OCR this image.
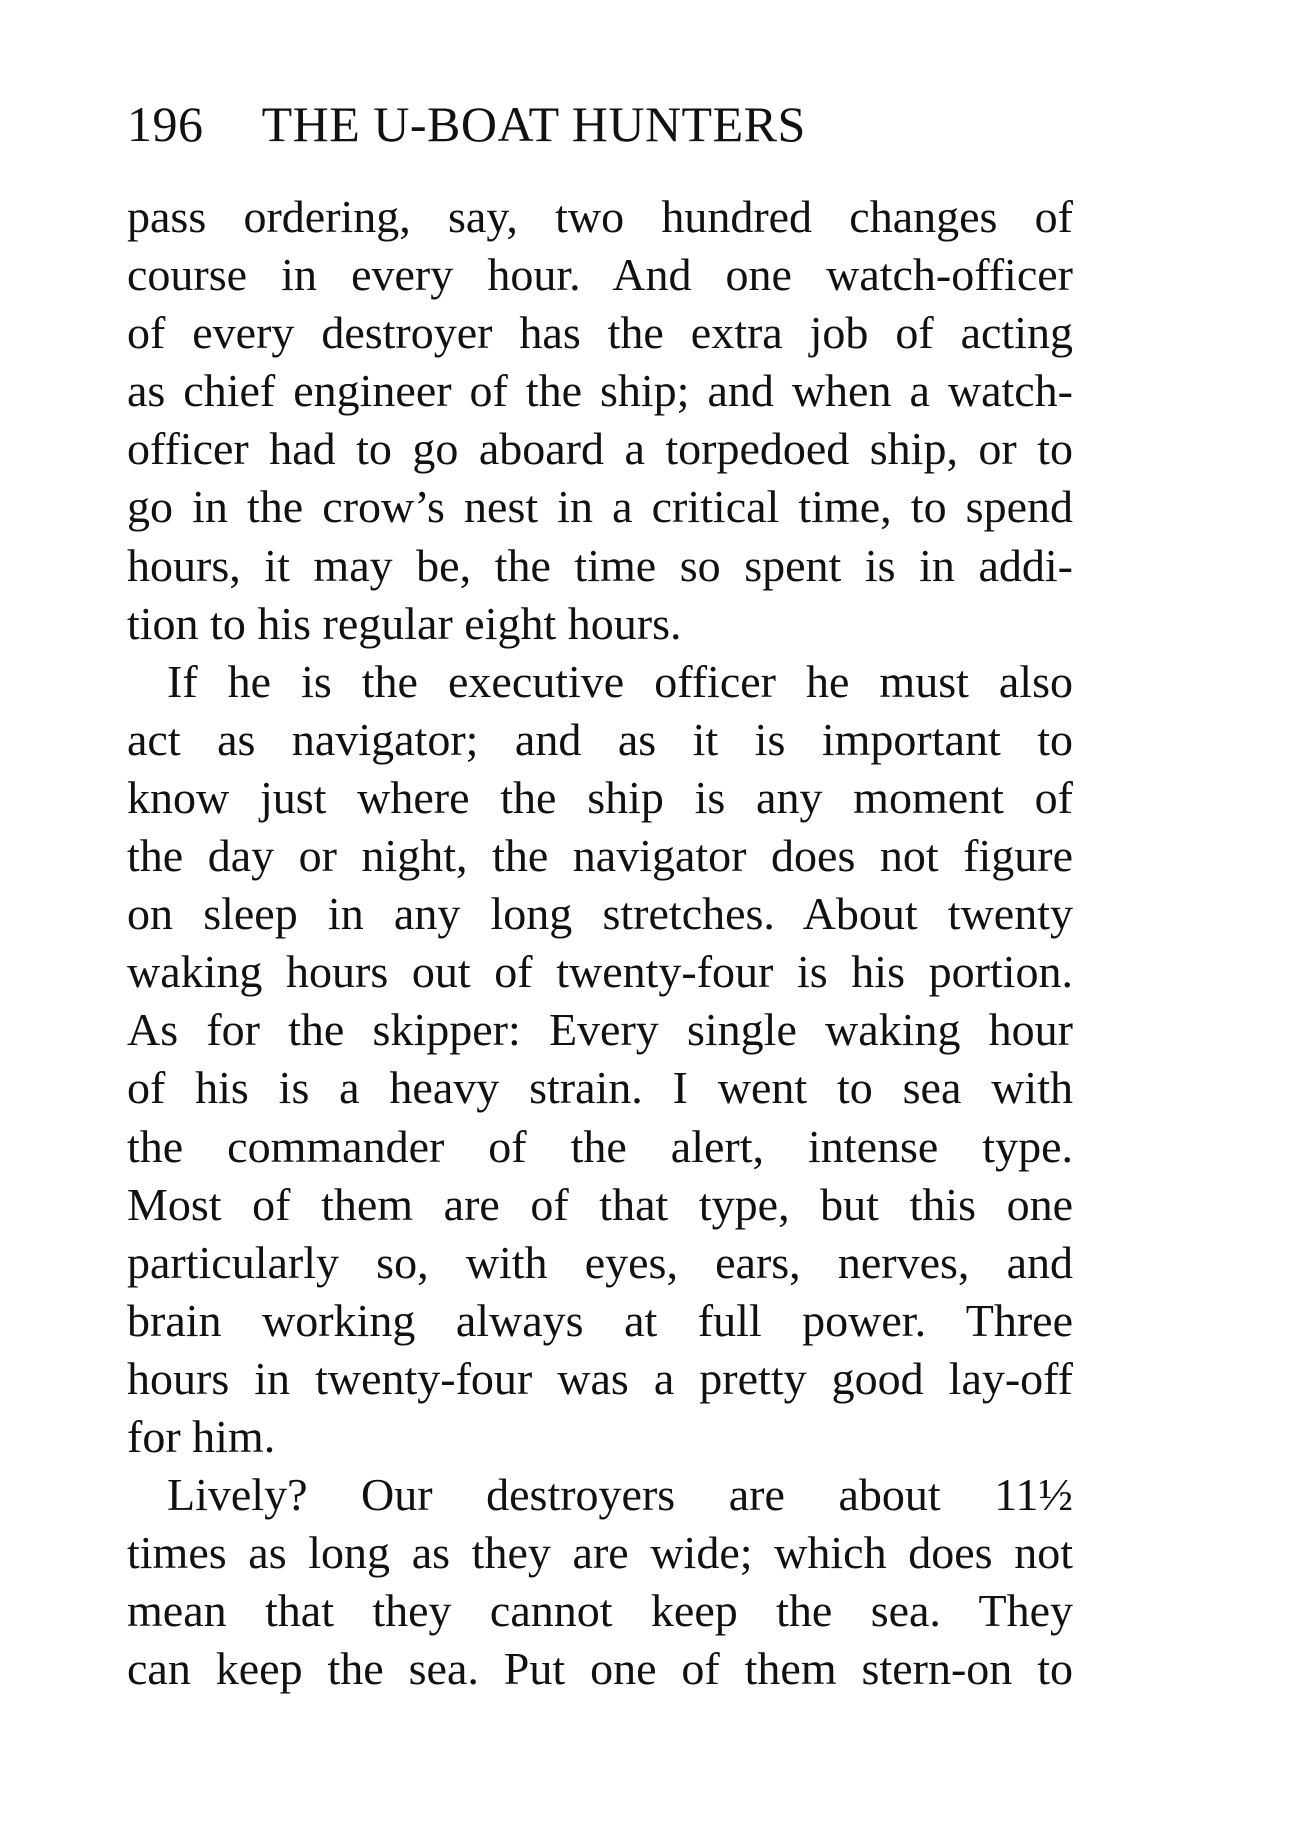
196 THE U-BOAT HUNTERS
pass ordering, say, two hundred changes of
course in every hour. And one watch-officer
of every destroyer has the extra job of acting
as chief engineer of the ship; and when a watch-
officer had to go aboard a torpedoed ship, or to
go in the crow’s nest in a critical time, to spend
hours, it may be, the time so spent is in addi-
tion to his regular eight hours.
If he is the executive officer he must also
act as navigator; and as it is important to
know just where the ship is any moment of
the day or night, the navigator does not figure
on sleep in any long stretches. About twenty
waking hours out of twenty-four is his portion.
As for the skipper: Every single waking hour
of his is a heavy strain. I went to sea with
the commander of the alert, intense type.
Most of them are of that type, but this one
particularly so, with eyes, ears, nerves, and
brain working always at full power. Three
hours in twenty-four was a pretty good lay-off
for him.
Lively? Our destroyers are about 11½
times as long as they are wide; which does not
mean that they cannot keep the sea. They
can keep the sea. Put one of them stern-on to
